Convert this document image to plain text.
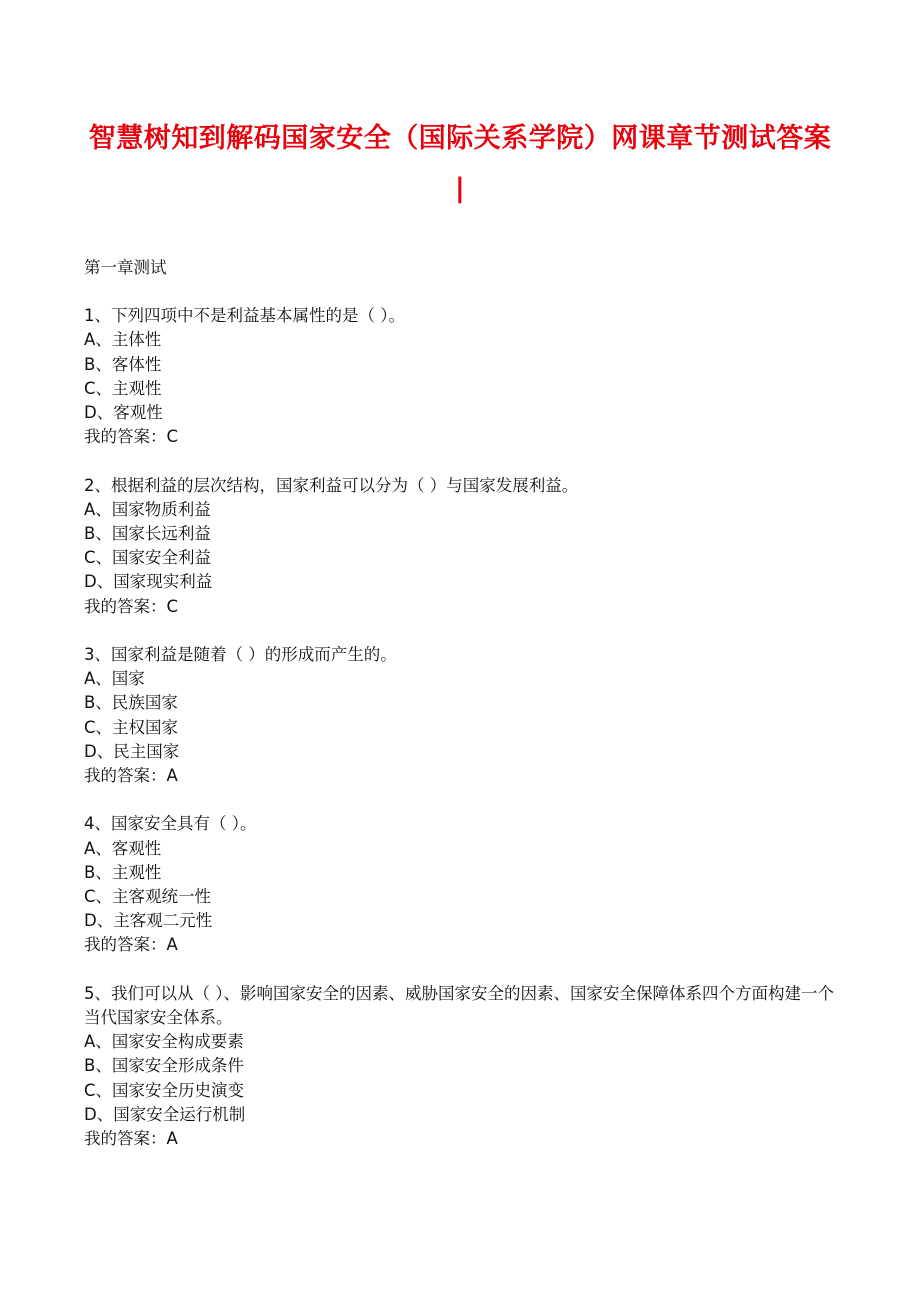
智慧树知到解码国家安全（国际关系学院）网课章节测试答案
|
第一章测试
1、下列四项中不是利益基本属性的是（ ）。
A、主体性
B、客体性
C、主观性
D、客观性
我的答案：C
2、根据利益的层次结构，国家利益可以分为（ ）与国家发展利益。
A、国家物质利益
B、国家长远利益
C、国家安全利益
D、国家现实利益
我的答案：C
3、国家利益是随着（ ）的形成而产生的。
A、国家
B、民族国家
C、主权国家
D、民主国家
我的答案：A
4、国家安全具有（ ）。
A、客观性
B、主观性
C、主客观统一性
D、主客观二元性
我的答案：A
5、我们可以从（ ）、影响国家安全的因素、威胁国家安全的因素、国家安全保障体系四个方面构建一个当代国家安全体系。
A、国家安全构成要素
B、国家安全形成条件
C、国家安全历史演变
D、国家安全运行机制
我的答案：A
